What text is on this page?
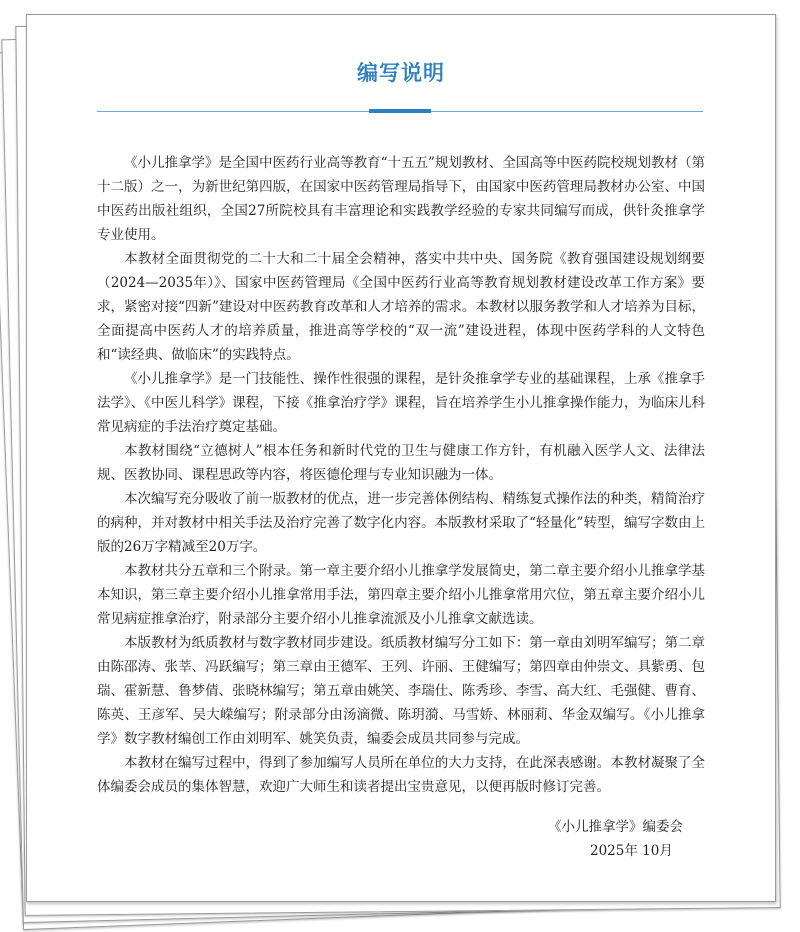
编写说明

《小儿推拿学》是全国中医药行业高等教育“十五五”规划教材、全国高等中医药院校规划教材（第十二版）之一，为新世纪第四版，在国家中医药管理局指导下，由国家中医药管理局教材办公室、中国中医药出版社组织，全国27所院校具有丰富理论和实践教学经验的专家共同编写而成，供针灸推拿学专业使用。

本教材全面贯彻党的二十大和二十届全会精神，落实中共中央、国务院《教育强国建设规划纲要（2024—2035年）》、国家中医药管理局《全国中医药行业高等教育规划教材建设改革工作方案》要求，紧密对接“四新”建设对中医药教育改革和人才培养的需求。本教材以服务教学和人才培养为目标，全面提高中医药人才的培养质量，推进高等学校的“双一流”建设进程，体现中医药学科的人文特色和“读经典、做临床”的实践特点。

《小儿推拿学》是一门技能性、操作性很强的课程，是针灸推拿学专业的基础课程，上承《推拿手法学》、《中医儿科学》课程，下接《推拿治疗学》课程，旨在培养学生小儿推拿操作能力，为临床儿科常见病症的手法治疗奠定基础。

本教材围绕“立德树人”根本任务和新时代党的卫生与健康工作方针，有机融入医学人文、法律法规、医教协同、课程思政等内容，将医德伦理与专业知识融为一体。

本次编写充分吸收了前一版教材的优点，进一步完善体例结构、精练复式操作法的种类，精简治疗的病种，并对教材中相关手法及治疗完善了数字化内容。本版教材采取了“轻量化”转型，编写字数由上版的26万字精减至20万字。

本教材共分五章和三个附录。第一章主要介绍小儿推拿学发展简史，第二章主要介绍小儿推拿学基本知识，第三章主要介绍小儿推拿常用手法，第四章主要介绍小儿推拿常用穴位，第五章主要介绍小儿常见病症推拿治疗，附录部分主要介绍小儿推拿流派及小儿推拿文献选读。

本版教材为纸质教材与数字教材同步建设。纸质教材编写分工如下：第一章由刘明军编写；第二章由陈邵涛、张莘、冯跃编写；第三章由王德军、王列、许丽、王健编写；第四章由仲崇文、具紫勇、包瑞、霍新慧、鲁梦倩、张晓林编写；第五章由姚笑、李瑞仕、陈秀珍、李雪、高大红、毛强健、曹育、陈英、王彦军、吴大嵘编写；附录部分由汤滴微、陈玥漪、马雪娇、林丽莉、华金双编写。《小儿推拿学》数字教材编创工作由刘明军、姚笑负责，编委会成员共同参与完成。

本教材在编写过程中，得到了参加编写人员所在单位的大力支持，在此深表感谢。本教材凝聚了全体编委会成员的集体智慧，欢迎广大师生和读者提出宝贵意见，以便再版时修订完善。

《小儿推拿学》编委会
2025年 10月
